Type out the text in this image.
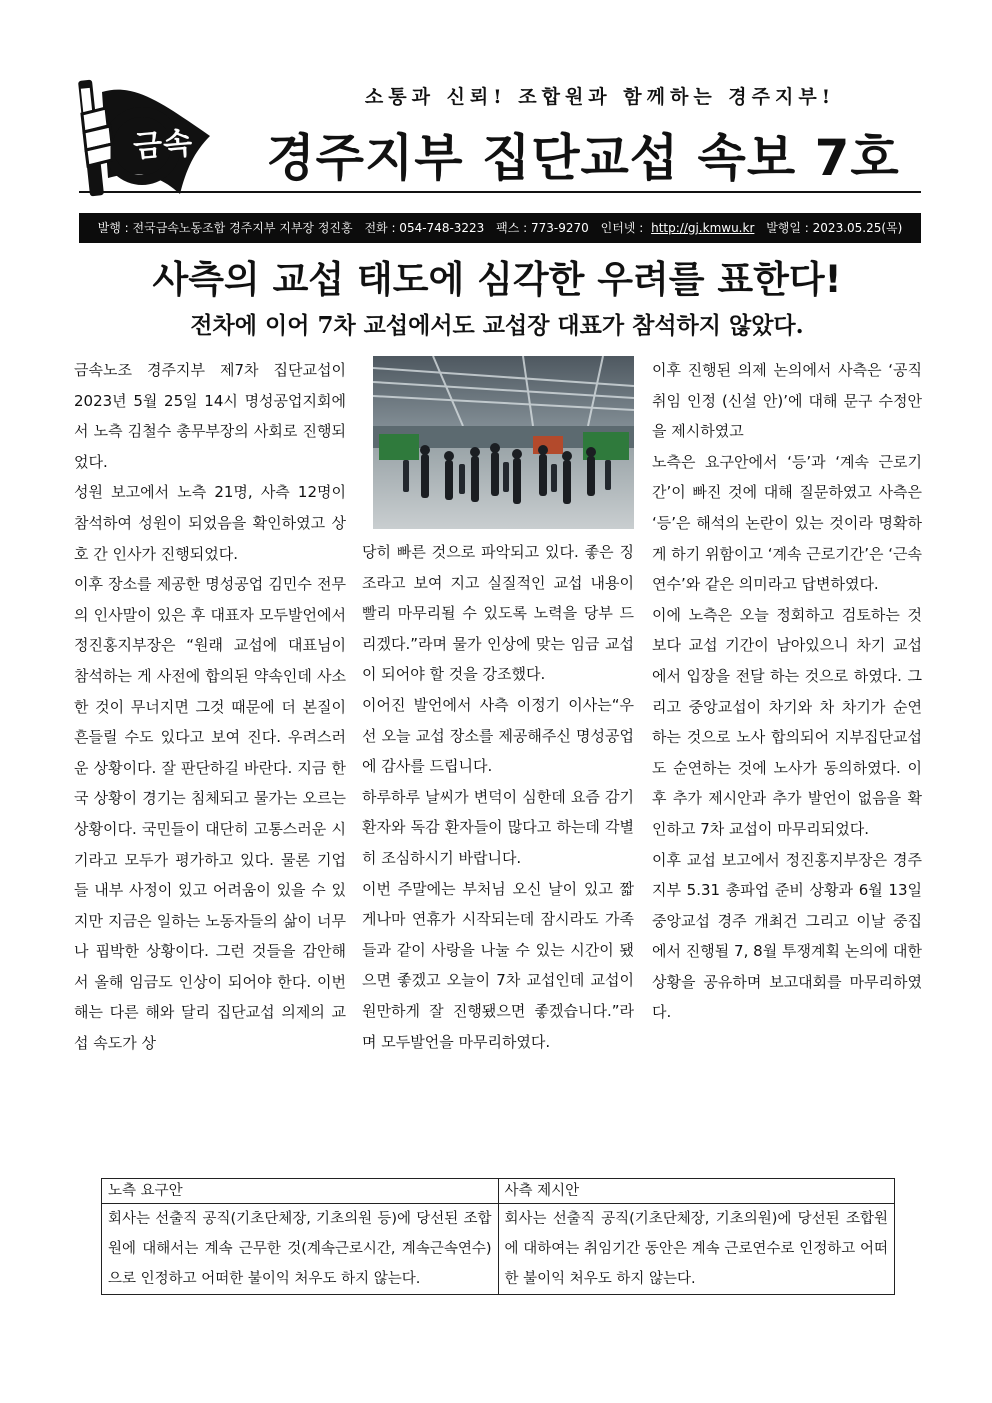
금속
소통과 신뢰! 조합원과 함께하는 경주지부!
경주지부 집단교섭 속보 7호
발행 : 전국금속노동조합 경주지부 지부장 정진홍 전화 : 054-748-3223 팩스 : 773-9270 인터넷 : http://gj.kmwu.kr 발행일 : 2023.05.25(목)
사측의 교섭 태도에 심각한 우려를 표한다!
전차에 이어 7차 교섭에서도 교섭장 대표가 참석하지 않았다.

금속노조 경주지부 제7차 집단교섭이 2023년 5월 25일 14시 명성공업지회에서 노측 김철수 총무부장의 사회로 진행되었다.

성원 보고에서 노측 21명, 사측 12명이 참석하여 성원이 되었음을 확인하였고 상호 간 인사가 진행되었다.

이후 장소를 제공한 명성공업 김민수 전무의 인사말이 있은 후 대표자 모두발언에서 정진홍지부장은 “원래 교섭에 대표님이 참석하는 게 사전에 합의된 약속인데 사소한 것이 무너지면 그것 때문에 더 본질이 흔들릴 수도 있다고 보여 진다. 우려스러운 상황이다. 잘 판단하길 바란다. 지금 한국 상황이 경기는 침체되고 물가는 오르는 상황이다. 국민들이 대단히 고통스러운 시기라고 모두가 평가하고 있다. 물론 기업들 내부 사정이 있고 어려움이 있을 수 있지만 지금은 일하는 노동자들의 삶이 너무나 핍박한 상황이다. 그런 것들을 감안해서 올해 임금도 인상이 되어야 한다. 이번 해는 다른 해와 달리 집단교섭 의제의 교섭 속도가 상

당히 빠른 것으로 파악되고 있다. 좋은 징조라고 보여 지고 실질적인 교섭 내용이 빨리 마무리될 수 있도록 노력을 당부 드리겠다.”라며 물가 인상에 맞는 임금 교섭이 되어야 할 것을 강조했다.

이어진 발언에서 사측 이정기 이사는“우선 오늘 교섭 장소를 제공해주신 명성공업에 감사를 드립니다.

하루하루 날씨가 변덕이 심한데 요즘 감기 환자와 독감 환자들이 많다고 하는데 각별히 조심하시기 바랍니다.

이번 주말에는 부처님 오신 날이 있고 짧게나마 연휴가 시작되는데 잠시라도 가족들과 같이 사랑을 나눌 수 있는 시간이 됐으면 좋겠고 오늘이 7차 교섭인데 교섭이 원만하게 잘 진행됐으면 좋겠습니다.”라며 모두발언을 마무리하였다.

이후 진행된 의제 논의에서 사측은 ‘공직취임 인정 (신설 안)’에 대해 문구 수정안을 제시하였고

노측은 요구안에서 ‘등’과 ‘계속 근로기간’이 빠진 것에 대해 질문하였고 사측은 ‘등’은 해석의 논란이 있는 것이라 명확하게 하기 위함이고 ‘계속 근로기간’은 ‘근속연수’와 같은 의미라고 답변하였다.

이에 노측은 오늘 정회하고 검토하는 것 보다 교섭 기간이 남아있으니 차기 교섭에서 입장을 전달 하는 것으로 하였다. 그리고 중앙교섭이 차기와 차 차기가 순연하는 것으로 노사 합의되어 지부집단교섭도 순연하는 것에 노사가 동의하였다. 이후 추가 제시안과 추가 발언이 없음을 확인하고 7차 교섭이 마무리되었다.

이후 교섭 보고에서 정진홍지부장은 경주지부 5.31 총파업 준비 상황과 6월 13일 중앙교섭 경주 개최건 그리고 이날 중집에서 진행될 7, 8월 투쟁계획 논의에 대한 상황을 공유하며 보고대회를 마무리하였다.

노측 요구안	사측 제시안
회사는 선출직 공직(기초단체장, 기초의원 등)에 당선된 조합원에 대해서는 계속 근무한 것(계속근로시간, 계속근속연수)으로 인정하고 어떠한 불이익 처우도 하지 않는다.	회사는 선출직 공직(기초단체장, 기초의원)에 당선된 조합원에 대하여는 취임기간 동안은 계속 근로연수로 인정하고 어떠한 불이익 처우도 하지 않는다.
